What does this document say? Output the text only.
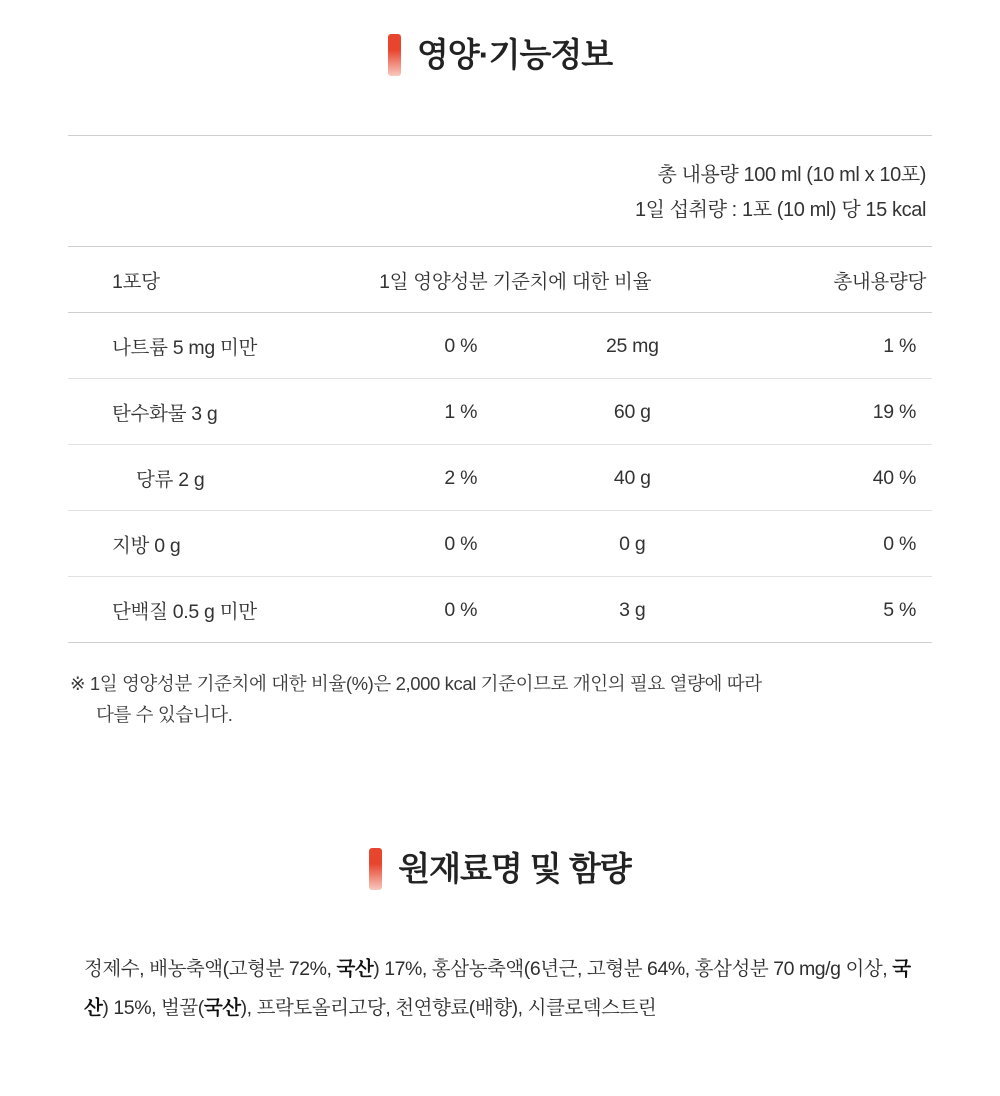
영양·기능정보
총 내용량 100 ml (10 ml x 10포)
1일 섭취량 : 1포 (10 ml) 당 15 kcal
1포당	1일 영양성분 기준치에 대한 비율		총내용량당
나트륨 5 mg 미만	0 %	25 mg	1 %
탄수화물 3 g	1 %	60 g	19 %
당류 2 g	2 %	40 g	40 %
지방 0 g	0 %	0 g	0 %
단백질 0.5 g 미만	0 %	3 g	5 %
※ 1일 영양성분 기준치에 대한 비율(%)은 2,000 kcal 기준이므로 개인의 필요 열량에 따라
다를 수 있습니다.
원재료명 및 함량
정제수, 배농축액(고형분 72%, 국산) 17%, 홍삼농축액(6년근, 고형분 64%, 홍삼성분 70 mg/g 이상, 국산) 15%, 벌꿀(국산), 프락토올리고당, 천연향료(배향), 시클로덱스트린
